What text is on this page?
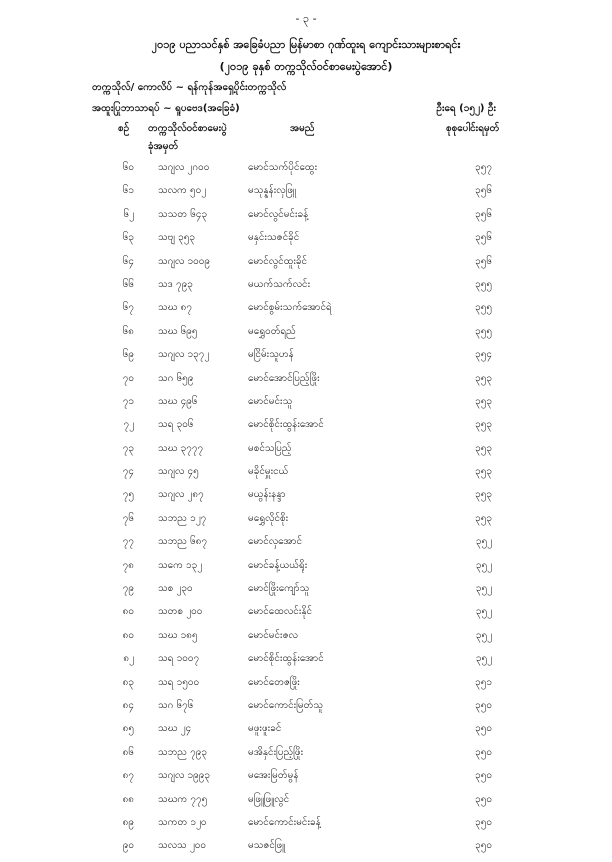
- ၃ -
၂၀၁၉ ပညာသင်နှစ် အခြေခံပညာ မြန်မာစာ ဂုဏ်ထူးရ ကျောင်းသားများစာရင်း
(၂၀၁၉ ခုနှစ် တက္ကသိုလ်ဝင်စာမေးပွဲအောင်)
တက္ကသိုလ်/ ကောလိပ် ~ ရန်ကုန်အရှေ့ပိုင်းတက္ကသိုလ်
အထူးပြုဘာသာရပ် ~ ရူပဗေဒ(အခြေခံ)	ဦးရေ (၁၅၂) ဦး
စဉ် တက္ကသိုလ်ဝင်စာမေးပွဲ
ခုံအမှတ်
အမည်	စုစုပေါင်းရမှတ်
၆၀ သဂျလ ၂ဂ၀၀	မောင်သက်ပိုင်ထွေး	၃၅၇
၆၁ သလက ၅၀၂	မသုန္နန်းလှဖြူ	၃၅၆
၆၂ သသတ ၆၄၃	မောင်လွင်မင်းခန့်	၃၅၆
၆၃ သဗျ ၃၅၃	မနှင်းသဇင်ခိုင်	၃၅၆
၆၄ သဂျလ ၁၀၀၉	မောင်လွင်ထူးခိုင်	၃၅၆
၆၆ သဒ ၇၉၃	မယက်သက်လင်း	၃၅၅
၆၇ သဃ ၈၇	မောင်စွမ်းသက်အောင်ရဲ	၃၅၅
၆၈ သဃ ၆၉၅	မရွှေဝတ်ရည်	၃၅၅
၆၉ သဂျလ ၁၃၇၂	မငြိမ်းသူဟန်	၃၅၄
၇၀ သဂ ၆၅၉	မောင်အောင်ပြည့်ဖြိုး	၃၅၃
၇၁ သဃ ၄၉၆	မောင်မင်းသူ	၃၅၃
၇၂ သရ ၃၀၆	မောင်စိုင်းထွန်းအောင်	၃၅၃
၇၃ သဃ ၃၇၇၇	မစင်သပြည့်	၃၅၃
၇၄ သဂျလ ၄၅	မခိုင်မှူးငယ်	၃၅၃
၇၅ သဂျလ ၂၈၇	မယွန်းနန္ဒာ	၃၅၃
၇၆ သဘည ၁၂၇	မရွှေလိုင်စိုး	၃၅၃
၇၇ သဘည ၆၈၇	မောင်လှအောင်	၃၅၂
၇၈ သကေ ၁၃၂	မောင်ခန့်ယယ်ရိုး	၃၅၂
၇၉ သစ ၂၃၀	မောင်ဖြိုးကျော်သူ	၃၅၂
၈၀ သတစ ၂၀၀	မောင်ထေလင်းနိုင်	၃၅၂
၈၀ သဃ ၁၈၅	မောင်မင်းဇလ	၃၅၂
၈၂ သရ ၁၀၀၇	မောင်စိုင်းထွန်းအောင်	၃၅၂
၈၃ သရ ၁၅၀၀	မောင်တေဇဖြိုး	၃၅၁
၈၄ သဂ ၆၇၆	မောင်ကောင်းမြတ်သူ	၃၅၀
၈၅ သဃ ၂၄	မဖူးဖူးခင်	၃၅၀
၈၆ သဘည ၇၉၃	မအိနှင်းပြည့်ဖြိုး	၃၅၀
၈၇ သဂျလ ၁၉၉၃	မအေးမြတ်မွန်	၃၅၀
၈၈ သဃက ၇၇၅	မဖြူဖြူလွင်	၃၅၀
၈၉ သကတ ၁၂၀	မောင်ကောင်းမင်းခန့်	၃၅၀
၉၀ သလသ ၂၀၀	မသဇင်ဖြူ	၃၅၀
